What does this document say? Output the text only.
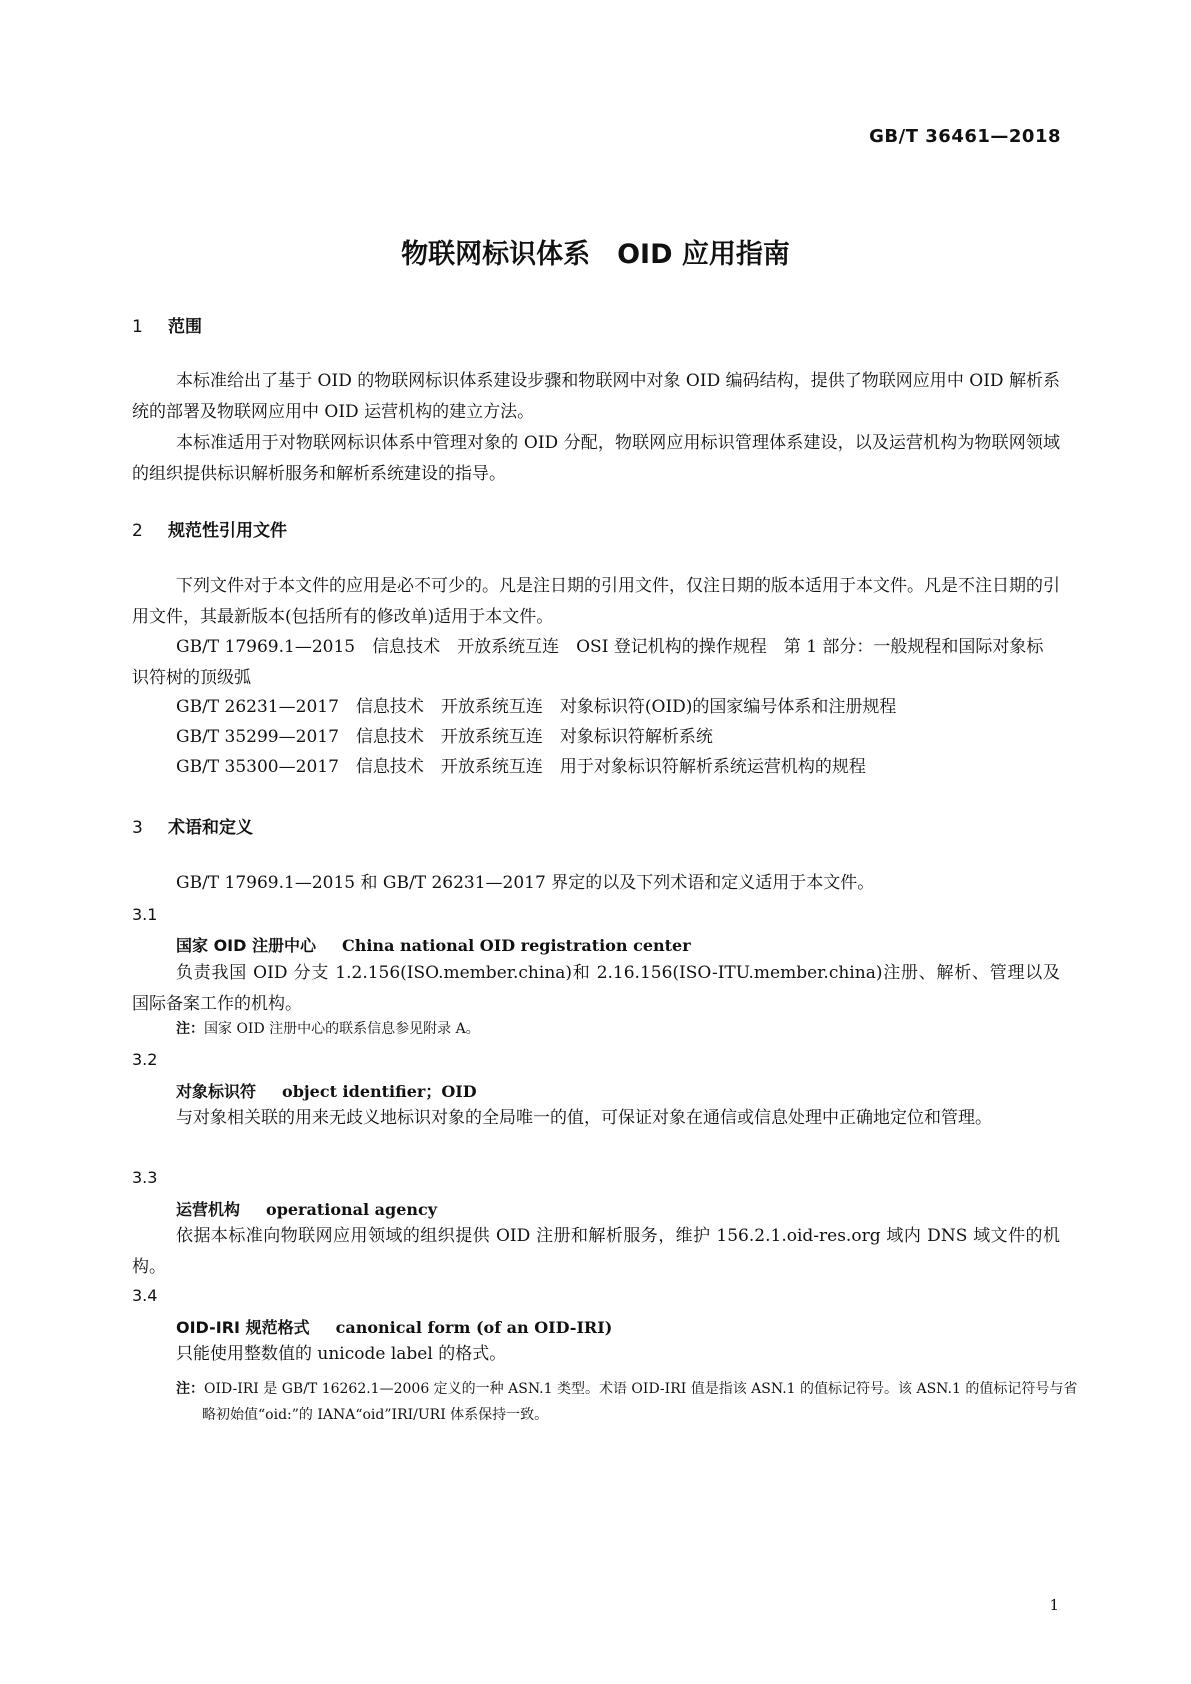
GB/T 36461—2018
物联网标识体系　OID 应用指南
1 范围
本标准给出了基于 OID 的物联网标识体系建设步骤和物联网中对象 OID 编码结构，提供了物联网应用中 OID 解析系统的部署及物联网应用中 OID 运营机构的建立方法。
本标准适用于对物联网标识体系中管理对象的 OID 分配，物联网应用标识管理体系建设，以及运营机构为物联网领域的组织提供标识解析服务和解析系统建设的指导。
2 规范性引用文件
下列文件对于本文件的应用是必不可少的。凡是注日期的引用文件，仅注日期的版本适用于本文件。凡是不注日期的引用文件，其最新版本(包括所有的修改单)适用于本文件。
GB/T 17969.1—2015　信息技术　开放系统互连　OSI 登记机构的操作规程　第 1 部分：一般规程和国际对象标识符树的顶级弧
GB/T 26231—2017　信息技术　开放系统互连　对象标识符(OID)的国家编号体系和注册规程
GB/T 35299—2017　信息技术　开放系统互连　对象标识符解析系统
GB/T 35300—2017　信息技术　开放系统互连　用于对象标识符解析系统运营机构的规程
3 术语和定义
GB/T 17969.1—2015 和 GB/T 26231—2017 界定的以及下列术语和定义适用于本文件。
3.1
国家 OID 注册中心 China national OID registration center
负责我国 OID 分支 1.2.156(ISO.member.china)和 2.16.156(ISO-ITU.member.china)注册、解析、管理以及国际备案工作的机构。
注：国家 OID 注册中心的联系信息参见附录 A。
3.2
对象标识符 object identifier；OID
与对象相关联的用来无歧义地标识对象的全局唯一的值，可保证对象在通信或信息处理中正确地定位和管理。
3.3
运营机构 operational agency
依据本标准向物联网应用领域的组织提供 OID 注册和解析服务，维护 156.2.1.oid-res.org 域内 DNS 域文件的机构。
3.4
OID-IRI 规范格式 canonical form (of an OID-IRI)
只能使用整数值的 unicode label 的格式。
注：OID-IRI 是 GB/T 16262.1—2006 定义的一种 ASN.1 类型。术语 OID-IRI 值是指该 ASN.1 的值标记符号。该 ASN.1 的值标记符号与省略初始值“oid:”的 IANA“oid”IRI/URI 体系保持一致。
1
